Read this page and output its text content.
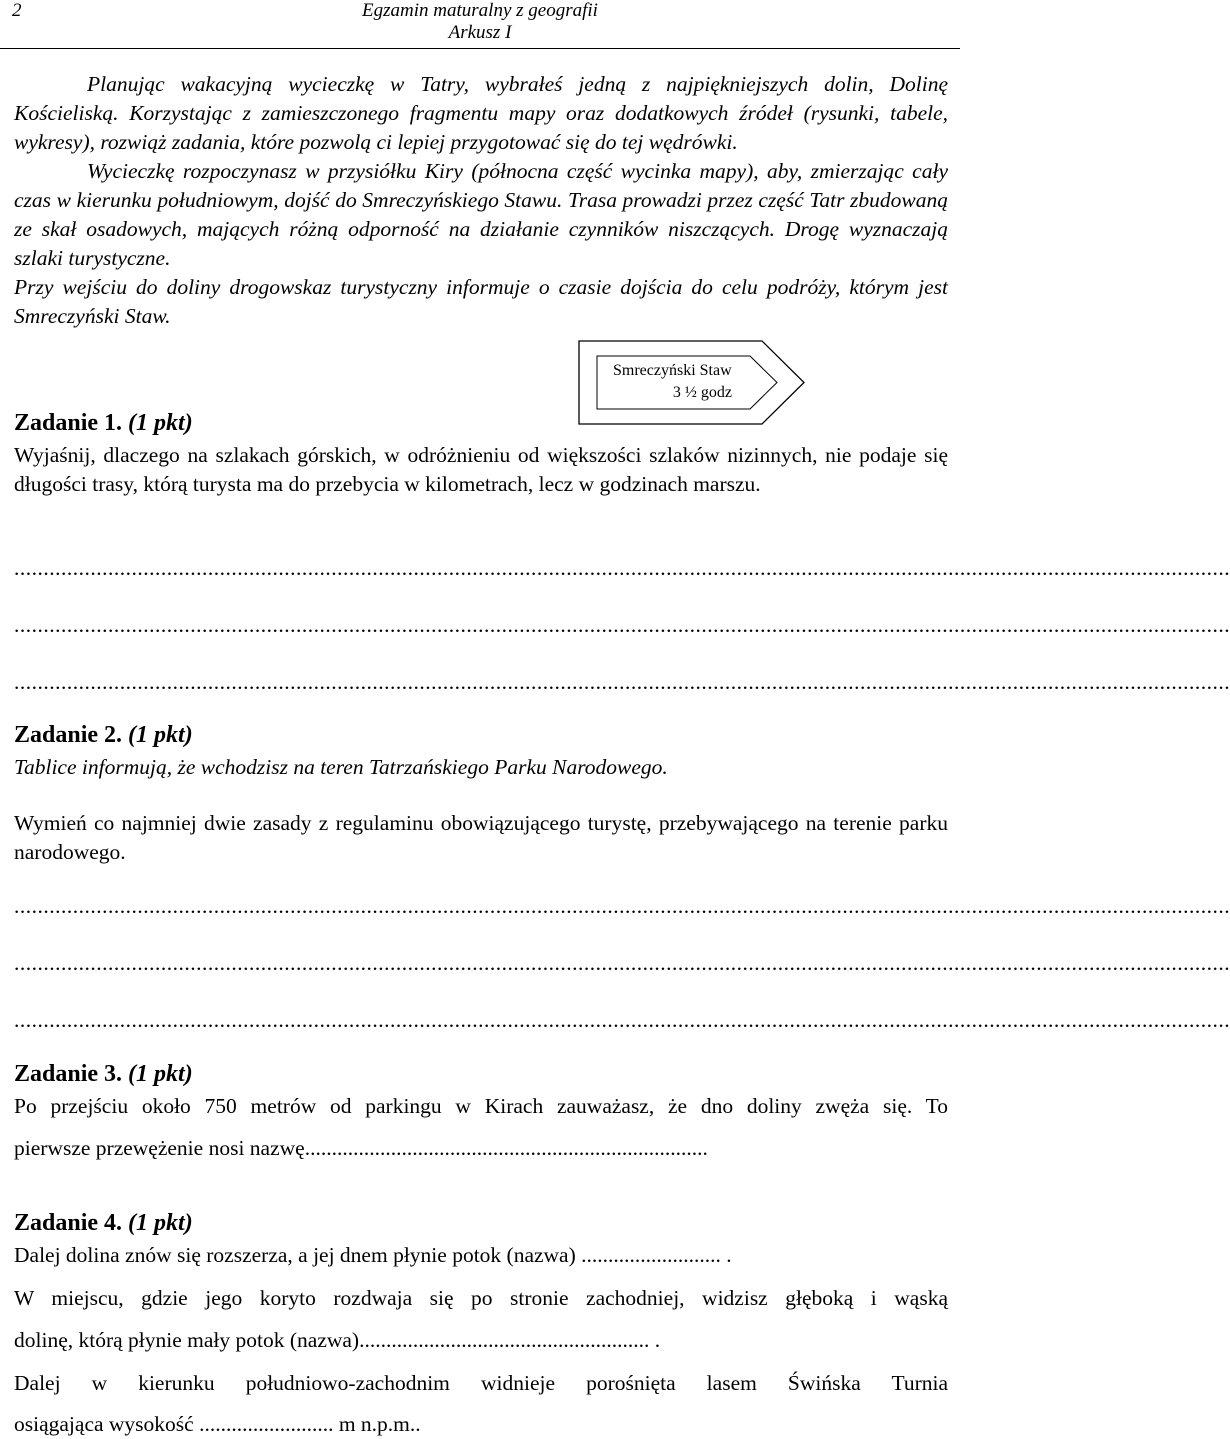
2	Egzamin maturalny z geografii
Arkusz I

Planując wakacyjną wycieczkę w Tatry, wybrałeś jedną z najpiękniejszych dolin, Dolinę Kościeliską. Korzystając z zamieszczonego fragmentu mapy oraz dodatkowych źródeł (rysunki, tabele, wykresy), rozwiąż zadania, które pozwolą ci lepiej przygotować się do tej wędrówki.

Wycieczkę rozpoczynasz w przysiółku Kiry (północna część wycinka mapy), aby, zmierzając cały czas w kierunku południowym, dojść do Smreczyńskiego Stawu. Trasa prowadzi przez część Tatr zbudowaną ze skał osadowych, mających różną odporność na działanie czynników niszczących. Drogę wyznaczają szlaki turystyczne.

Przy wejściu do doliny drogowskaz turystyczny informuje o czasie dojścia do celu podróży, którym jest Smreczyński Staw.

Smreczyński Staw
3 ½ godz
Zadanie 1. (1 pkt)
Wyjaśnij, dlaczego na szlakach górskich, w odróżnieniu od większości szlaków nizinnych, nie podaje się długości trasy, którą turysta ma do przebycia w kilometrach, lecz w godzinach marszu.
...............................................................................................................................................................................................................
...............................................................................................................................................................................................................
...............................................................................................................................................................................................................
Zadanie 2. (1 pkt)
Tablice informują, że wchodzisz na teren Tatrzańskiego Parku Narodowego.
Wymień co najmniej dwie zasady z regulaminu obowiązującego turystę, przebywającego na terenie parku narodowego.
...............................................................................................................................................................................................................
...............................................................................................................................................................................................................
...............................................................................................................................................................................................................
Zadanie 3. (1 pkt)
Po przejściu około 750 metrów od parkingu w Kirach zauważasz, że dno doliny zwęża się. To
pierwsze przewężenie nosi nazwę...........................................................................
Zadanie 4. (1 pkt)
Dalej dolina znów się rozszerza, a jej dnem płynie potok (nazwa) .......................... .
W miejscu, gdzie jego koryto rozdwaja się po stronie zachodniej, widzisz głęboką i wąską
dolinę, którą płynie mały potok (nazwa)...................................................... .
Dalej w kierunku południowo-zachodnim widnieje porośnięta lasem Świńska Turnia
osiągająca wysokość ......................... m n.p.m..
